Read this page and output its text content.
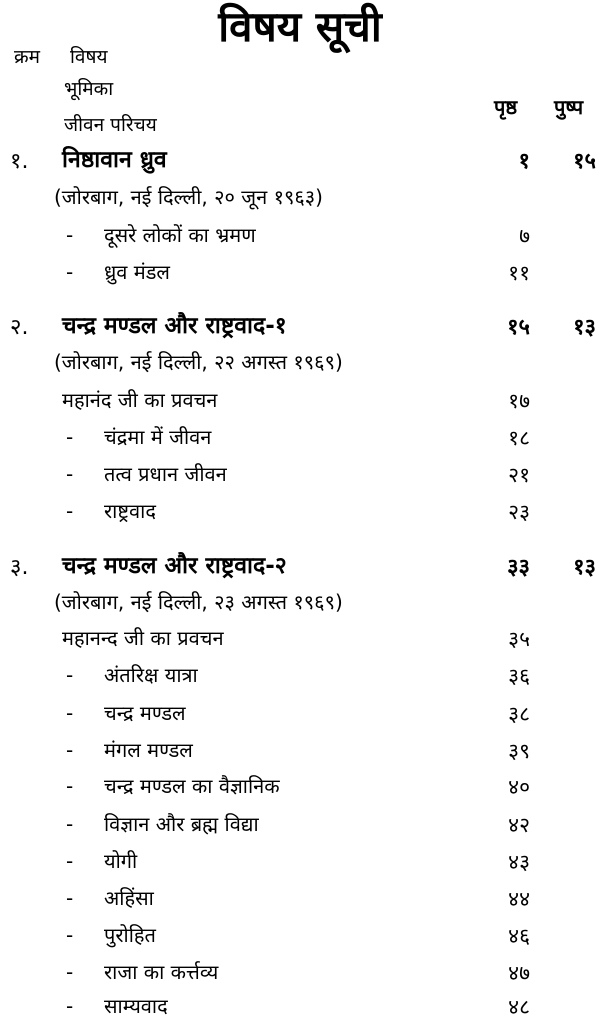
विषय सूची
क्रम विषय
भूमिका
जीवन परिचय
पृष्ठ पुष्प
१. निष्ठावान ध्रुव	१	१५
(जोरबाग, नई दिल्ली, २० जून १९६३)
- दूसरे लोकों का भ्रमण	७
- ध्रुव मंडल	११
२. चन्द्र मण्डल और राष्ट्रवाद-१	१५	१३
(जोरबाग, नई दिल्ली, २२ अगस्त १९६९)
महानंद जी का प्रवचन	१७
- चंद्रमा में जीवन	१८
- तत्व प्रधान जीवन	२१
- राष्ट्रवाद	२३
३. चन्द्र मण्डल और राष्ट्रवाद-२	३३	१३
(जोरबाग, नई दिल्ली, २३ अगस्त १९६९)
महानन्द जी का प्रवचन	३५
- अंतरिक्ष यात्रा	३६
- चन्द्र मण्डल	३८
- मंगल मण्डल	३९
- चन्द्र मण्डल का वैज्ञानिक	४०
- विज्ञान और ब्रह्म विद्या	४२
- योगी	४३
- अहिंसा	४४
- पुरोहित	४६
- राजा का कर्त्तव्य	४७
- साम्यवाद	४८
